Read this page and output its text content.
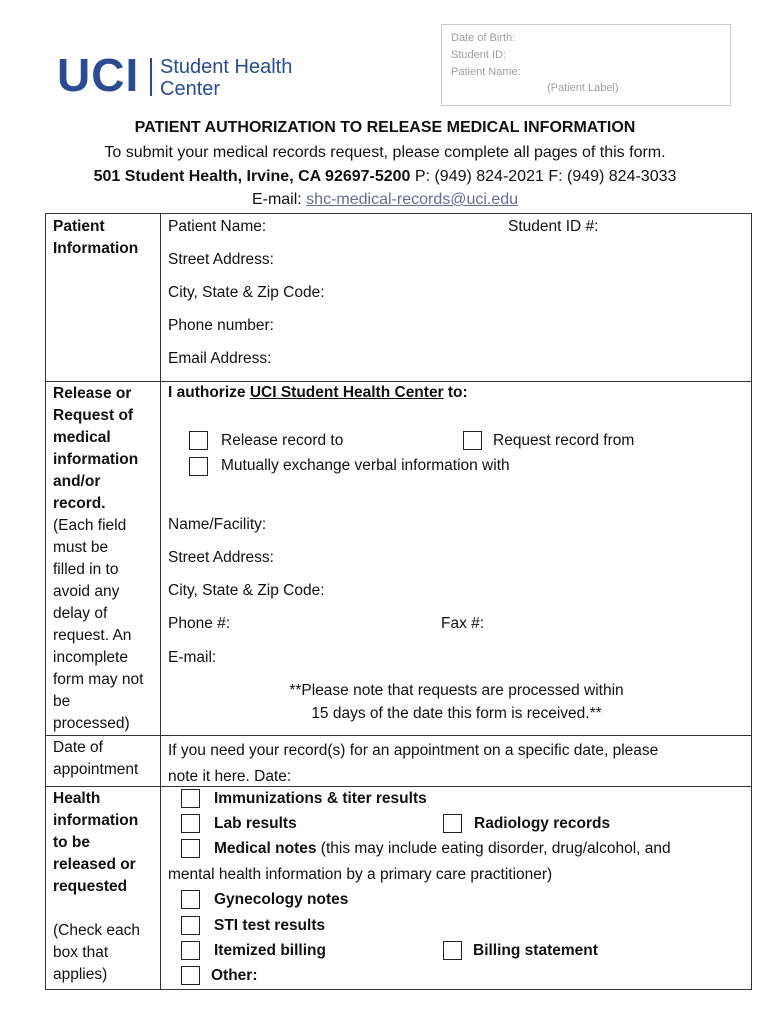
UCI Student Health
Center
Date of Birth:
Student ID:
Patient Name:
(Patient Label)
PATIENT AUTHORIZATION TO RELEASE MEDICAL INFORMATION
To submit your medical records request, please complete all pages of this form.
501 Student Health, Irvine, CA 92697-5200 P: (949) 824-2021 F: (949) 824-3033
E-mail: shc-medical-records@uci.edu
Patient
Information
Patient Name:	Student ID #:
Street Address:
City, State & Zip Code:
Phone number:
Email Address:
Release or
Request of
medical
information
and/or
record.
(Each field
must be
filled in to
avoid any
delay of
request. An
incomplete
form may not
be
processed)
I authorize UCI Student Health Center to:
Release record to	Request record from
Mutually exchange verbal information with
Name/Facility:
Street Address:
City, State & Zip Code:
Phone #:	Fax #:
E-mail:
**Please note that requests are processed within
15 days of the date this form is received.**
Date of
appointment
If you need your record(s) for an appointment on a specific date, please
note it here. Date:
Health
information
to be
released or
requested
(Check each
box that
applies)
Immunizations & titer results
Lab results	Radiology records
Medical notes (this may include eating disorder, drug/alcohol, and
mental health information by a primary care practitioner)
Gynecology notes
STI test results
Itemized billing	Billing statement
Other:
